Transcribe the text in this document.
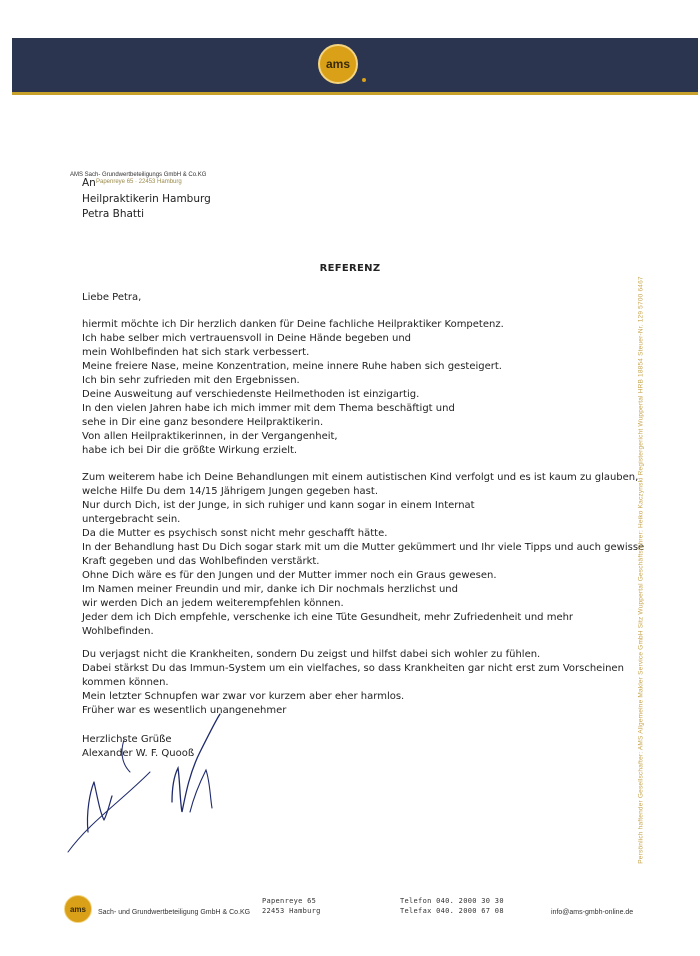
ams
AMS Sach- Grundwertbeteiligungs GmbH & Co.KG
Papenreye 65 · 22453 Hamburg
An
Heilpraktikerin Hamburg
Petra Bhatti
REFERENZ
Liebe Petra,
hiermit möchte ich Dir herzlich danken für Deine fachliche Heilpraktiker Kompetenz.
Ich habe selber mich vertrauensvoll in Deine Hände begeben und
mein Wohlbefinden hat sich stark verbessert.
Meine freiere Nase, meine Konzentration, meine innere Ruhe haben sich gesteigert.
Ich bin sehr zufrieden mit den Ergebnissen.
Deine Ausweitung auf verschiedenste Heilmethoden ist einzigartig.
In den vielen Jahren habe ich mich immer mit dem Thema beschäftigt und
sehe in Dir eine ganz besondere Heilpraktikerin.
Von allen Heilpraktikerinnen, in der Vergangenheit,
habe ich bei Dir die größte Wirkung erzielt.
Zum weiterem habe ich Deine Behandlungen mit einem autistischen Kind verfolgt und es ist kaum zu glauben,
welche Hilfe Du dem 14/15 Jährigem Jungen gegeben hast.
Nur durch Dich, ist der Junge, in sich ruhiger und kann sogar in einem Internat
untergebracht sein.
Da die Mutter es psychisch sonst nicht mehr geschafft hätte.
In der Behandlung hast Du Dich sogar stark mit um die Mutter gekümmert und Ihr viele Tipps und auch gewisse
Kraft gegeben und das Wohlbefinden verstärkt.
Ohne Dich wäre es für den Jungen und der Mutter immer noch ein Graus gewesen.
Im Namen meiner Freundin und mir, danke ich Dir nochmals herzlichst und
wir werden Dich an jedem weiterempfehlen können.
Jeder dem ich Dich empfehle, verschenke ich eine Tüte Gesundheit, mehr Zufriedenheit und mehr
Wohlbefinden.
Du verjagst nicht die Krankheiten, sondern Du zeigst und hilfst dabei sich wohler zu fühlen.
Dabei stärkst Du das Immun-System um ein vielfaches, so dass Krankheiten gar nicht erst zum Vorscheinen
kommen können.
Mein letzter Schnupfen war zwar vor kurzem aber eher harmlos.
Früher war es wesentlich unangenehmer
Herzlichste Grüße
Alexander W. F. Quooß	Persönlich haftender Gesellschafter: AMS Allgemeine Makler Service GmbH Sitz Wuppertal Geschäftsführer: Heiko Kaczynski Registergericht Wuppertal HRB 18854 Steuer-Nr. 129 5700 6467
ams Sach- und Grundwertbeteiligung GmbH & Co.KG
Papenreye 65
22453 Hamburg
Telefon 040. 2000 30 30
Telefax 040. 2000 67 08	info@ams-gmbh-online.de
